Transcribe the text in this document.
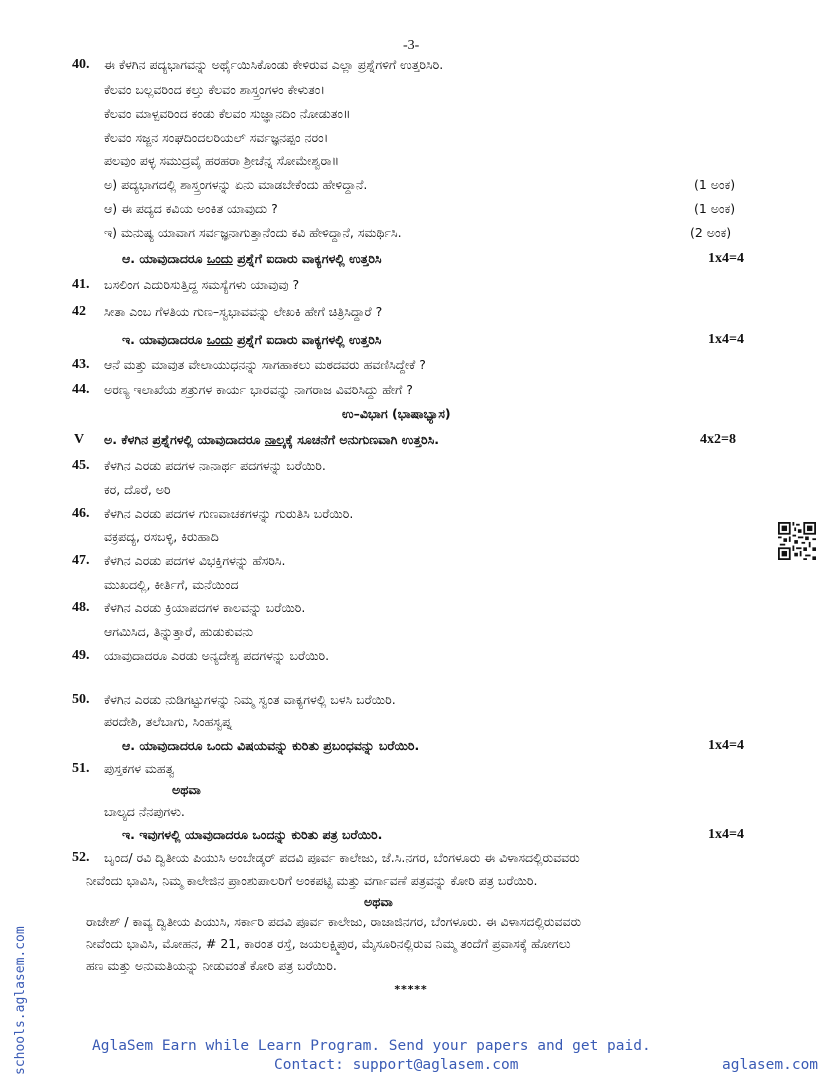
-3-
40. ಈ ಕೆಳಗಿನ ಪದ್ಯಭಾಗವನ್ನು ಅರ್ಥೈಯಿಸಿಕೊಂಡು ಕೇಳಿರುವ ಎಲ್ಲಾ ಪ್ರಶ್ನೆಗಳಿಗೆ ಉತ್ತರಿಸಿರಿ.
ಕೆಲವಂ ಬಲ್ಲವರಿಂದ ಕಲ್ತು ಕೆಲವಂ ಶಾಸ್ತ್ರಂಗಳಂ ಕೇಳುತಂ।
ಕೆಲವಂ ಮಾಳ್ಪವರಿಂದ ಕಂಡು ಕೆಲವಂ ಸುಜ್ಞಾನದಿಂ ನೋಡುತಂ॥
ಕೆಲವಂ ಸಜ್ಜನ ಸಂಘದಿಂದಲರಿಯಲ್ ಸರ್ವಜ್ಞನಪ್ಪಂ ನರಂ।
ಪಲವುಂ ಪಳ್ಳ ಸಮುದ್ರವೈ ಹರಹರಾ ಶ್ರೀಚೆನ್ನ ಸೋಮೇಶ್ವರಾ॥
ಅ) ಪದ್ಯಭಾಗದಲ್ಲಿ ಶಾಸ್ತ್ರಂಗಳನ್ನು ಏನು ಮಾಡಬೇಕೆಂದು ಹೇಳಿದ್ದಾನೆ.	(1 ಅಂಕ)
ಆ) ಈ ಪದ್ಯದ ಕವಿಯ ಅಂಕಿತ ಯಾವುದು ?	(1 ಅಂಕ)
ಇ) ಮನುಷ್ಯ ಯಾವಾಗ ಸರ್ವಜ್ಞನಾಗುತ್ತಾನೆಂದು ಕವಿ ಹೇಳಿದ್ದಾನೆ, ಸಮರ್ಥಿಸಿ.	(2 ಅಂಕ)
ಆ. ಯಾವುದಾದರೂ ಒಂದು ಪ್ರಶ್ನೆಗೆ ಐದಾರು ವಾಕ್ಯಗಳಲ್ಲಿ ಉತ್ತರಿಸಿ	1x4=4
41. ಬಸಲಿಂಗ ಎದುರಿಸುತ್ತಿದ್ದ ಸಮಸ್ಯೆಗಳು ಯಾವುವು ?
42 ಸೀತಾ ಎಂಬ ಗೆಳತಿಯ ಗುಣ–ಸ್ವಭಾವವನ್ನು ಲೇಖಕಿ ಹೇಗೆ ಚಿತ್ರಿಸಿದ್ದಾರೆ ?
ಇ. ಯಾವುದಾದರೂ ಒಂದು ಪ್ರಶ್ನೆಗೆ ಐದಾರು ವಾಕ್ಯಗಳಲ್ಲಿ ಉತ್ತರಿಸಿ	1x4=4
43. ಆನೆ ಮತ್ತು ಮಾವುತ ವೇಲಾಯುಧನನ್ನು ಸಾಗಹಾಕಲು ಮಠದವರು ಹವಣಿಸಿದ್ದೇಕೆ ?
44. ಅರಣ್ಯ ಇಲಾಖೆಯ ಶತ್ರುಗಳ ಕಾರ್ಯ ಭಾರವನ್ನು ನಾಗರಾಜ ವಿವರಿಸಿದ್ದು ಹೇಗೆ ?
ಉ–ವಿಭಾಗ (ಭಾಷಾಭ್ಯಾಸ)
V ಅ. ಕೆಳಗಿನ ಪ್ರಶ್ನೆಗಳಲ್ಲಿ ಯಾವುದಾದರೂ ನಾಲ್ಕಕ್ಕೆ ಸೂಚನೆಗೆ ಅನುಗುಣವಾಗಿ ಉತ್ತರಿಸಿ.	4x2=8
45. ಕೆಳಗಿನ ಎರಡು ಪದಗಳ ನಾನಾರ್ಥ ಪದಗಳನ್ನು ಬರೆಯಿರಿ.
ಕರ, ದೊರೆ, ಅರಿ
46. ಕೆಳಗಿನ ಎರಡು ಪದಗಳ ಗುಣವಾಚಕಗಳನ್ನು ಗುರುತಿಸಿ ಬರೆಯಿರಿ.
ವಕ್ರಪದ್ಯ, ರಸಬಳ್ಳಿ, ಕಿರುಹಾದಿ
47. ಕೆಳಗಿನ ಎರಡು ಪದಗಳ ವಿಭಕ್ತಿಗಳನ್ನು ಹೆಸರಿಸಿ.
ಮುಖದಲ್ಲಿ, ಕೀರ್ತಿಗೆ, ಮನೆಯಿಂದ
48. ಕೆಳಗಿನ ಎರಡು ಕ್ರಿಯಾಪದಗಳ ಕಾಲವನ್ನು ಬರೆಯಿರಿ.
ಆಗಮಿಸಿದ, ತಿನ್ನುತ್ತಾರೆ, ಹುಡುಕುವನು
49. ಯಾವುದಾದರೂ ಎರಡು ಅನ್ಯದೇಶ್ಯ ಪದಗಳನ್ನು ಬರೆಯಿರಿ.
50. ಕೆಳಗಿನ ಎರಡು ನುಡಿಗಟ್ಟುಗಳನ್ನು ನಿಮ್ಮ ಸ್ವಂತ ವಾಕ್ಯಗಳಲ್ಲಿ ಬಳಸಿ ಬರೆಯಿರಿ.
ಪರದೇಶಿ, ತಲೆಬಾಗು, ಸಿಂಹಸ್ವಪ್ನ
ಆ. ಯಾವುದಾದರೂ ಒಂದು ವಿಷಯವನ್ನು ಕುರಿತು ಪ್ರಬಂಧವನ್ನು ಬರೆಯಿರಿ.	1x4=4
51. ಪುಸ್ತಕಗಳ ಮಹತ್ವ
ಅಥವಾ
ಬಾಲ್ಯದ ನೆನಪುಗಳು.
ಇ. ಇವುಗಳಲ್ಲಿ ಯಾವುದಾದರೂ ಒಂದನ್ನು ಕುರಿತು ಪತ್ರ ಬರೆಯಿರಿ.	1x4=4
52. ಬೃಂದ/ ರವಿ ದ್ವಿತೀಯ ಪಿಯುಸಿ ಅಂಬೇಡ್ಕರ್ ಪದವಿ ಪೂರ್ವ ಕಾಲೇಜು, ಜೆ.ಸಿ.ನಗರ, ಬೆಂಗಳೂರು ಈ ವಿಳಾಸದಲ್ಲಿರುವವರು
ನೀವೆಂದು ಭಾವಿಸಿ, ನಿಮ್ಮ ಕಾಲೇಜಿನ ಪ್ರಾಂಶುಪಾಲರಿಗೆ ಅಂಕಪಟ್ಟಿ ಮತ್ತು ವರ್ಗಾವಣೆ ಪತ್ರವನ್ನು ಕೋರಿ ಪತ್ರ ಬರೆಯಿರಿ.
ಅಥವಾ
ರಾಜೇಶ್ / ಕಾವ್ಯ ದ್ವಿತೀಯ ಪಿಯುಸಿ, ಸರ್ಕಾರಿ ಪದವಿ ಪೂರ್ವ ಕಾಲೇಜು, ರಾಜಾಜಿನಗರ, ಬೆಂಗಳೂರು. ಈ ವಿಳಾಸದಲ್ಲಿರುವವರು
ನೀವೆಂದು ಭಾವಿಸಿ, ಮೋಹನ, # 21, ಕಾರಂತ ರಸ್ತೆ, ಜಯಲಕ್ಷ್ಮಿಪುರ, ಮೈಸೂರಿನಲ್ಲಿರುವ ನಿಮ್ಮ ತಂದೆಗೆ ಪ್ರವಾಸಕ್ಕೆ ಹೋಗಲು
ಹಣ ಮತ್ತು ಅನುಮತಿಯನ್ನು ನೀಡುವಂತೆ ಕೋರಿ ಪತ್ರ ಬರೆಯಿರಿ.
*****
schools.aglasem.com	AglaSem Earn while Learn Program. Send your papers and get paid.
Contact: support@aglasem.com	aglasem.com
